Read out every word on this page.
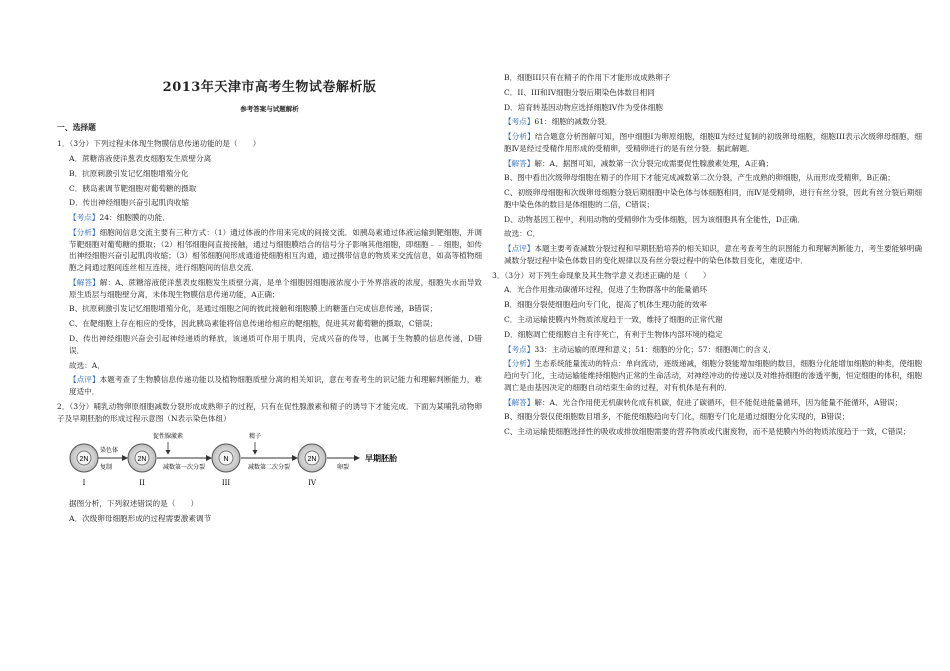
2013年天津市高考生物试卷解析版
参考答案与试题解析
一、选择题

1．（3分）下列过程未体现生物膜信息传递功能的是（　　）

A．蔗糖溶液使洋葱表皮细胞发生质壁分离

B．抗原刺激引发记忆细胞增殖分化

C．胰岛素调节靶细胞对葡萄糖的摄取

D．传出神经细胞兴奋引起肌肉收缩

【考点】24：细胞膜的功能．

【分析】细胞间信息交流主要有三种方式：（1）通过体液的作用来完成的间接交流．如胰岛素通过体液运输到靶细胞，并调节靶细胞对葡萄糖的摄取；（2）相邻细胞间直接接触，通过与细胞膜结合的信号分子影响其他细胞，即细胞﹣﹣细胞，如传出神经细胞兴奋引起肌肉收缩；（3）相邻细胞间形成通道使细胞相互沟通，通过携带信息的物质来交流信息，如高等植物细胞之间通过胞间连丝相互连接，进行细胞间的信息交流．

【解答】解：A、蔗糖溶液使洋葱表皮细胞发生质壁分离，是单个细胞因细胞液浓度小于外界溶液的浓度，细胞失水而导致原生质层与细胞壁分离，未体现生物膜信息传递功能，A正确；

B、抗原刺激引发记忆细胞增殖分化，是通过细胞之间的彼此接触和细胞膜上的糖蛋白完成信息传递，B错误；

C、在靶细胞上存在相应的受体，因此胰岛素能将信息传递给相应的靶细胞，促进其对葡萄糖的摄取，C错误；

D、传出神经细胞兴奋会引起神经递质的释放，该递质可作用于肌肉，完成兴奋的传导，也属于生物膜的信息传递，D错误．

故选：A．

【点评】本题考查了生物膜信息传递功能以及植物细胞质壁分离的相关知识，意在考查考生的识记能力和理解判断能力，难度适中．

2．（3分）哺乳动物卵原细胞减数分裂形成成熟卵子的过程，只有在促性腺激素和精子的诱导下才能完成．下面为某哺乳动物卵子及早期胚胎的形成过程示意图（N表示染色体组）

2N	2N	N	2N
I	II	III	IV
染色体
复制
促性腺激素
减数第一次分裂
精子
减数第二次分裂	卵裂
早期胚胎

据图分析，下列叙述错误的是（　　）

A．次级卵母细胞形成的过程需要激素调节

B．细胞III只有在精子的作用下才能形成成熟卵子

C．II、III和IV细胞分裂后期染色体数目相同

D．培育转基因动物应选择细胞IV作为受体细胞

【考点】61：细胞的减数分裂．

【分析】结合题意分析图解可知，图中细胞Ⅰ为卵原细胞，细胞Ⅱ为经过复制的初级卵母细胞，细胞III表示次级卵母细胞，细胞Ⅳ是经过受精作用形成的受精卵，受精卵进行的是有丝分裂．据此解题．

【解答】解：A、据图可知，减数第一次分裂完成需要促性腺激素处理，A正确；

B、图中看出次级卵母细胞在精子的作用下才能完成减数第二次分裂，产生成熟的卵细胞，从而形成受精卵，B正确；

C、初级卵母细胞和次级卵母细胞分裂后期细胞中染色体与体细胞相同，而Ⅳ是受精卵，进行有丝分裂，因此有丝分裂后期细胞中染色体的数目是体细胞的二倍，C错误；

D、动物基因工程中，利用动物的受精卵作为受体细胞，因为该细胞具有全能性，D正确．

故选：C．

【点评】本题主要考查减数分裂过程和早期胚胎培养的相关知识，意在考查考生的识图能力和理解判断能力，考生要能够明确减数分裂过程中染色体数目的变化规律以及有丝分裂过程中的染色体数目变化，难度适中．

3．（3分）对下列生命现象及其生物学意义表述正确的是（　　）

A．光合作用推动碳循环过程，促进了生物群落中的能量循环

B．细胞分裂使细胞趋向专门化，提高了机体生理功能的效率

C．主动运输使膜内外物质浓度趋于一致，维持了细胞的正常代谢

D．细胞凋亡使细胞自主有序死亡，有利于生物体内部环境的稳定

【考点】33：主动运输的原理和意义；51：细胞的分化；57：细胞凋亡的含义．

【分析】生态系统能量流动的特点：单向流动，逐级递减，细胞分裂能增加细胞的数目，细胞分化能增加细胞的种类，使细胞趋向专门化，主动运输能维持细胞内正常的生命活动，对神经冲动的传递以及对维持细胞的渗透平衡，恒定细胞的体积，细胞凋亡是由基因决定的细胞自动结束生命的过程，对有机体是有利的．

【解答】解：A、光合作用使无机碳转化成有机碳，促进了碳循环，但不能促进能量循环，因为能量不能循环，A错误；

B、细胞分裂仅使细胞数目增多，不能使细胞趋向专门化，细胞专门化是通过细胞分化实现的，B错误；

C、主动运输使细胞选择性的吸收或排放细胞需要的营养物质或代谢废物，而不是使膜内外的物质浓度趋于一致，C错误；
